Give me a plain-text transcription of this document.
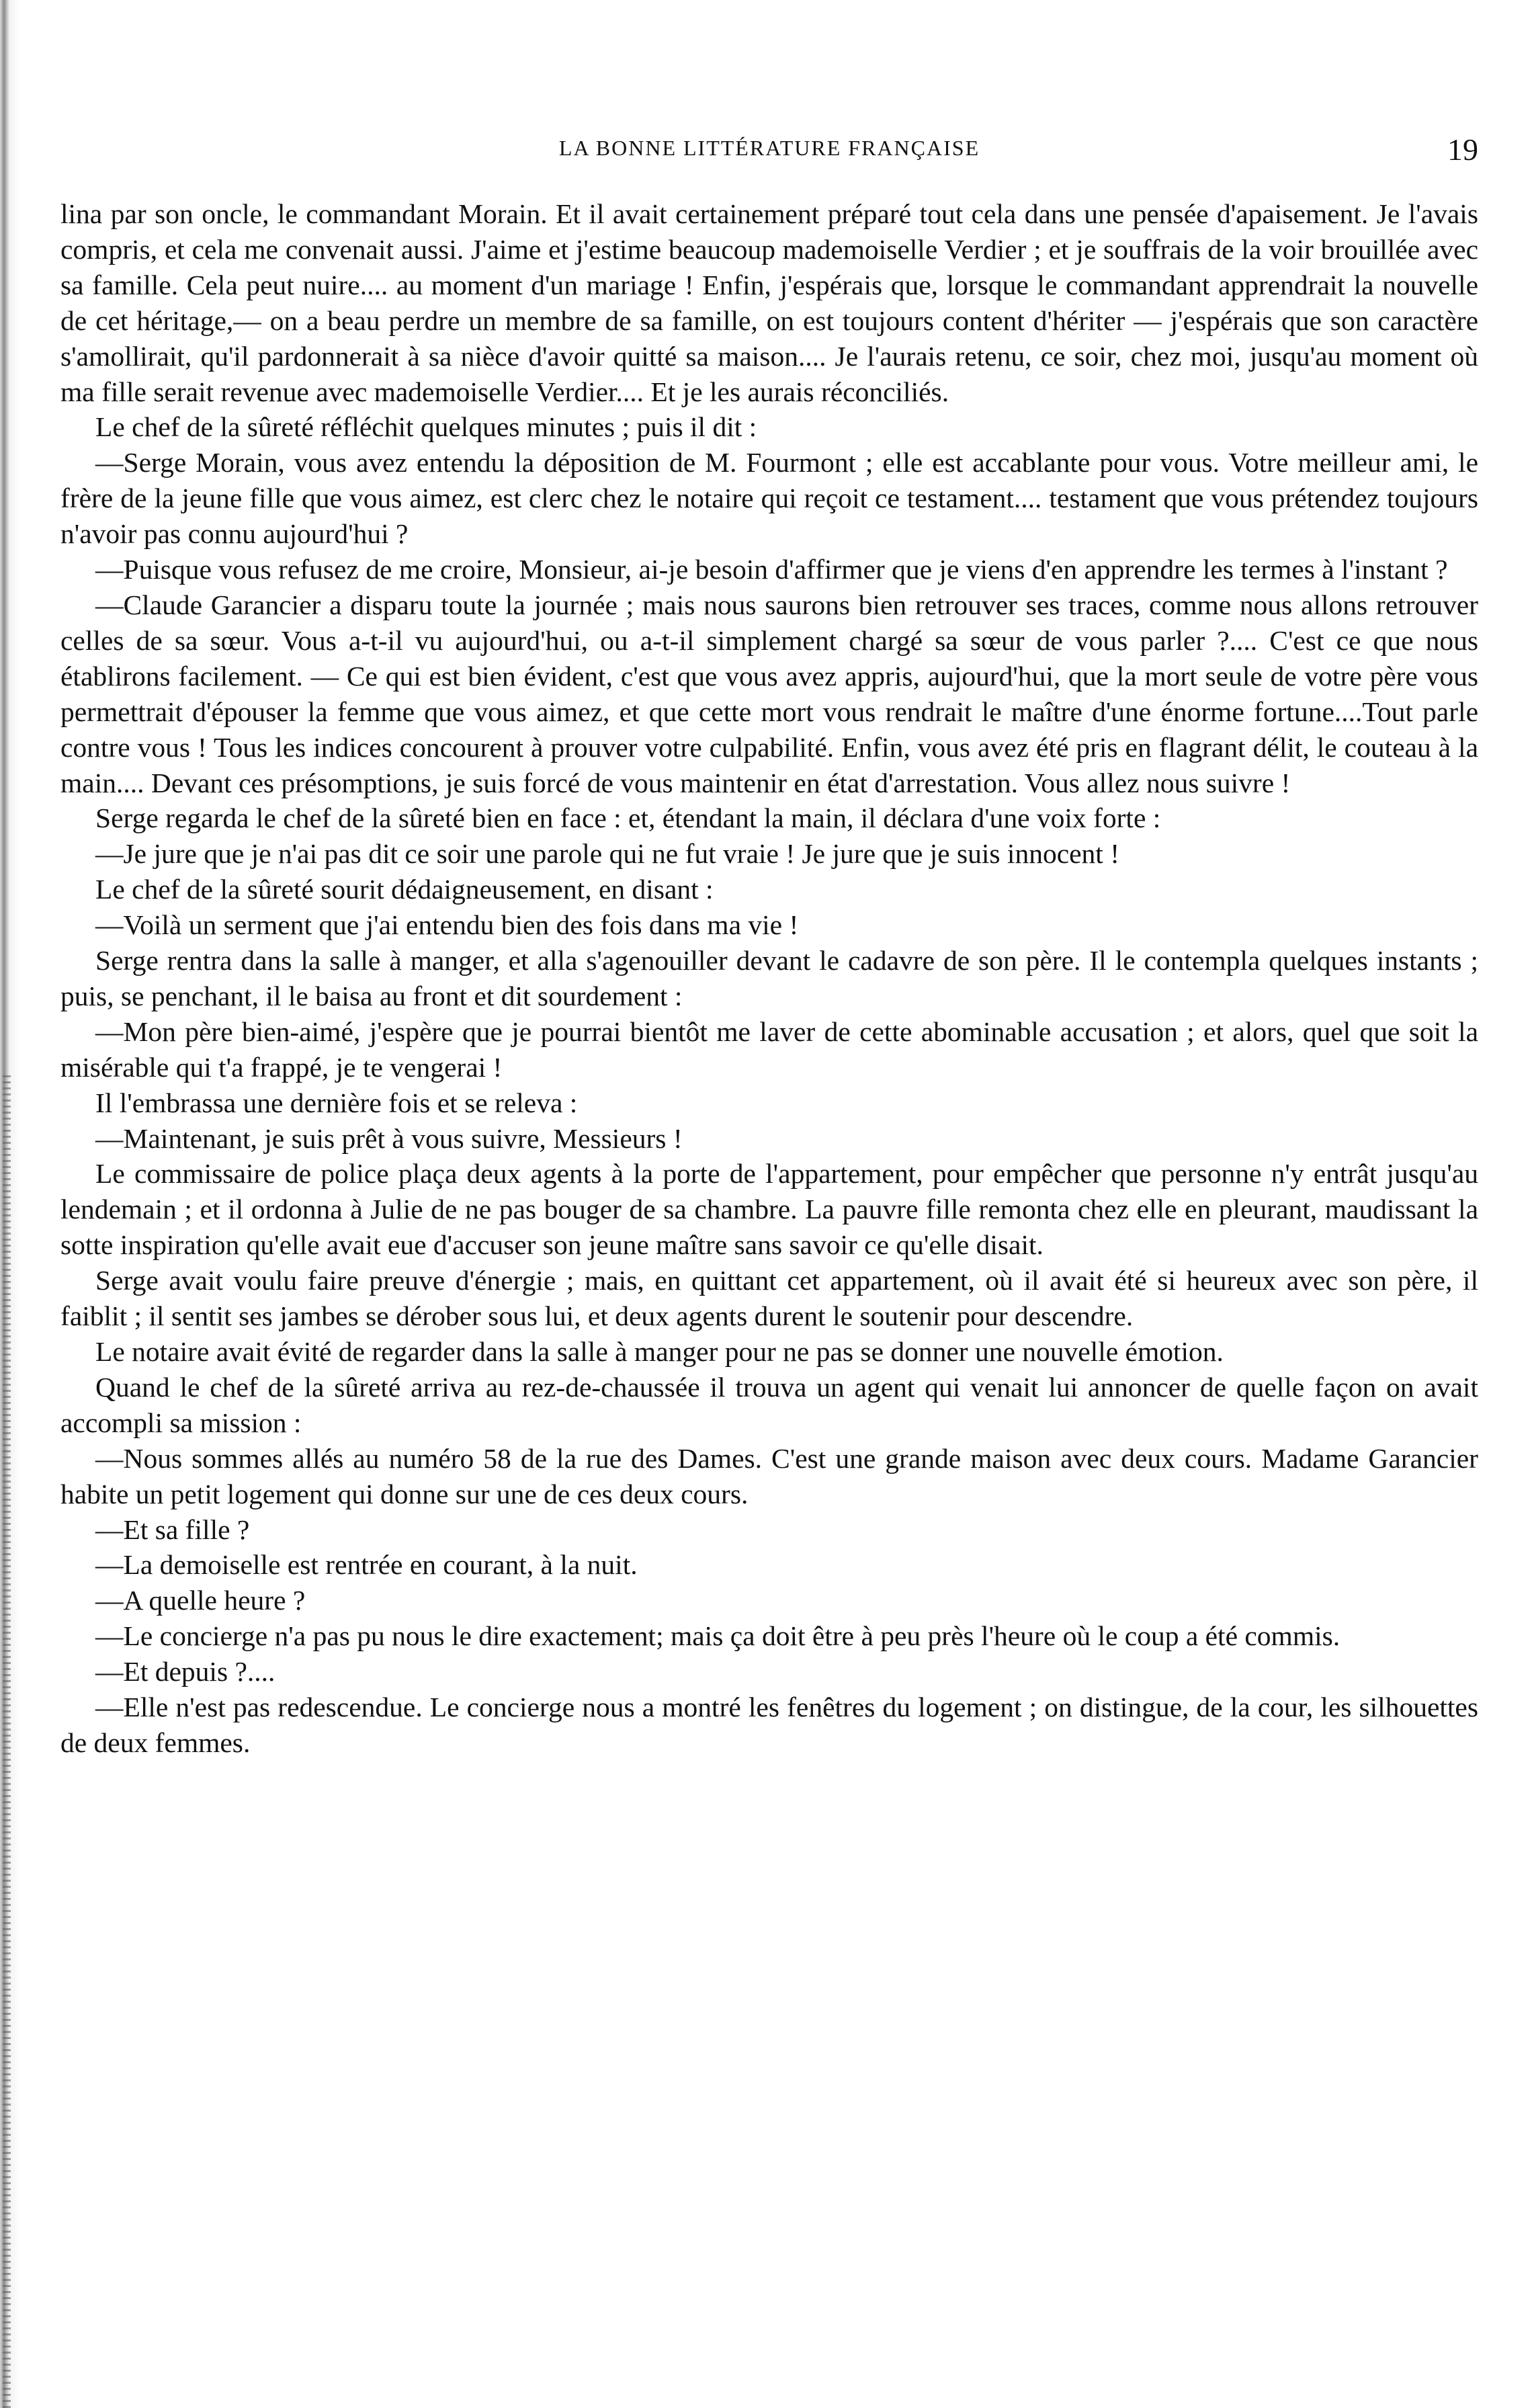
LA BONNE LITTÉRATURE FRANÇAISE	19

lina par son oncle, le commandant Morain. Et il avait certainement préparé tout cela dans une pensée d'apaisement. Je l'avais compris, et cela me convenait aussi. J'aime et j'estime beaucoup mademoiselle Verdier ; et je souffrais de la voir brouillée avec sa famille. Cela peut nuire.... au moment d'un mariage ! Enfin, j'espérais que, lorsque le commandant apprendrait la nouvelle de cet héritage,— on a beau perdre un membre de sa famille, on est toujours content d'hériter — j'espérais que son caractère s'amollirait, qu'il pardonnerait à sa nièce d'avoir quitté sa maison.... Je l'aurais retenu, ce soir, chez moi, jusqu'au moment où ma fille serait revenue avec mademoiselle Verdier.... Et je les aurais réconciliés.

Le chef de la sûreté réfléchit quelques minutes ; puis il dit :

—Serge Morain, vous avez entendu la déposition de M. Fourmont ; elle est accablante pour vous. Votre meilleur ami, le frère de la jeune fille que vous aimez, est clerc chez le notaire qui reçoit ce testament.... testament que vous prétendez toujours n'avoir pas connu aujourd'hui ?

—Puisque vous refusez de me croire, Monsieur, ai-je besoin d'affirmer que je viens d'en apprendre les termes à l'instant ?

—Claude Garancier a disparu toute la journée ; mais nous saurons bien retrouver ses traces, comme nous allons retrouver celles de sa sœur. Vous a-t-il vu aujourd'hui, ou a-t-il simplement chargé sa sœur de vous parler ?.... C'est ce que nous établirons facilement. — Ce qui est bien évident, c'est que vous avez appris, aujourd'hui, que la mort seule de votre père vous permettrait d'épouser la femme que vous aimez, et que cette mort vous rendrait le maître d'une énorme fortune....Tout parle contre vous ! Tous les indices concourent à prouver votre culpabilité. Enfin, vous avez été pris en flagrant délit, le couteau à la main.... Devant ces présomptions, je suis forcé de vous maintenir en état d'arrestation. Vous allez nous suivre !

Serge regarda le chef de la sûreté bien en face : et, étendant la main, il déclara d'une voix forte :

—Je jure que je n'ai pas dit ce soir une parole qui ne fut vraie ! Je jure que je suis innocent !

Le chef de la sûreté sourit dédaigneusement, en disant :

—Voilà un serment que j'ai entendu bien des fois dans ma vie !

Serge rentra dans la salle à manger, et alla s'agenouiller devant le cadavre de son père. Il le contempla quelques instants ; puis, se penchant, il le baisa au front et dit sourdement :

—Mon père bien-aimé, j'espère que je pourrai bientôt me laver de cette abominable accusation ; et alors, quel que soit la misérable qui t'a frappé, je te vengerai !

Il l'embrassa une dernière fois et se releva :

—Maintenant, je suis prêt à vous suivre, Messieurs !

Le commissaire de police plaça deux agents à la porte de l'appartement, pour empêcher que personne n'y entrât jusqu'au lendemain ; et il ordonna à Julie de ne pas bouger de sa chambre. La pauvre fille remonta chez elle en pleurant, maudissant la sotte inspiration qu'elle avait eue d'accuser son jeune maître sans savoir ce qu'elle disait.

Serge avait voulu faire preuve d'énergie ; mais, en quittant cet appartement, où il avait été si heureux avec son père, il faiblit ; il sentit ses jambes se dérober sous lui, et deux agents durent le soutenir pour descendre.

Le notaire avait évité de regarder dans la salle à manger pour ne pas se donner une nouvelle émotion.

Quand le chef de la sûreté arriva au rez-de-chaussée il trouva un agent qui venait lui annoncer de quelle façon on avait accompli sa mission :

—Nous sommes allés au numéro 58 de la rue des Dames. C'est une grande maison avec deux cours. Madame Garancier habite un petit logement qui donne sur une de ces deux cours.

—Et sa fille ?

—La demoiselle est rentrée en courant, à la nuit.

—A quelle heure ?

—Le concierge n'a pas pu nous le dire exactement; mais ça doit être à peu près l'heure où le coup a été commis.

—Et depuis ?....

—Elle n'est pas redescendue. Le concierge nous a montré les fenêtres du logement ; on distingue, de la cour, les silhouettes de deux femmes.
